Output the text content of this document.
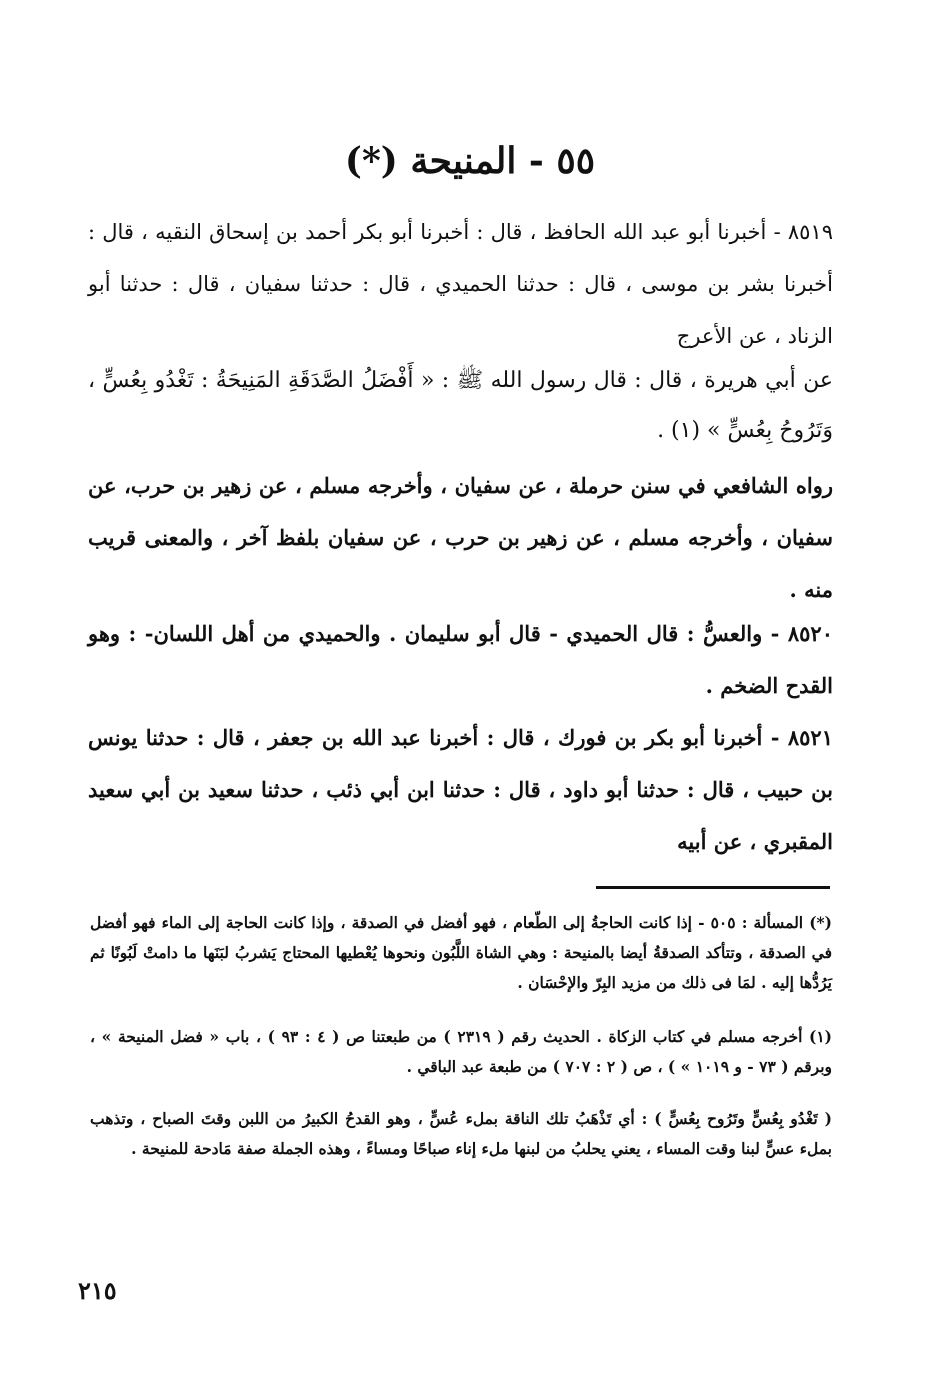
٥٥ - المنيحة (*)
٨٥١٩ - أخبرنا أبو عبد الله الحافظ ، قال : أخبرنا أبو بكر أحمد بن إسحاق النقيه ، قال : أخبرنا بشر بن موسى ، قال : حدثنا الحميدي ، قال : حدثنا سفيان ، قال : حدثنا أبو الزناد ، عن الأعرج
عن أبي هريرة ، قال : قال رسول الله ﷺ : « أَفْضَلُ الصَّدَقَةِ المَنِيحَةُ : تَغْدُو بِعُسٍّ ، وَتَرُوحُ بِعُسٍّ » (١) .
رواه الشافعي في سنن حرملة ، عن سفيان ، وأخرجه مسلم ، عن زهير بن حرب، عن سفيان ، وأخرجه مسلم ، عن زهير بن حرب ، عن سفيان بلفظ آخر ، والمعنى قريب منه .
٨٥٢٠ - والعسُّ : قال الحميدي - قال أبو سليمان . والحميدي من أهل اللسان- : وهو القدح الضخم .
٨٥٢١ - أخبرنا أبو بكر بن فورك ، قال : أخبرنا عبد الله بن جعفر ، قال : حدثنا يونس بن حبيب ، قال : حدثنا أبو داود ، قال : حدثنا ابن أبي ذئب ، حدثنا سعيد بن أبي سعيد المقبري ، عن أبيه
(*) المسألة : ٥٠٥ - إذا كانت الحاجةُ إلى الطّعام ، فهو أفضل في الصدقة ، وإذا كانت الحاجة إلى الماء فهو أفضل في الصدقة ، وتتأكد الصدقةُ أيضا بالمنيحة : وهي الشاة اللَّبُون ونحوها يُعْطيها المحتاج يَشربُ لبَنَها ما دامتْ لَبُونًا ثم يَرُدُّها إليه . لمَا فى ذلك من مزيد البِرّ والإحْسَان .
(١) أخرجه مسلم في كتاب الزكاة . الحديث رقم ( ٢٣١٩ ) من طبعتنا ص ( ٤ : ٩٣ ) ، باب « فضل المنيحة » ، وبرقم ( ٧٣ - و ١٠١٩ » ) ، ص ( ٢ : ٧٠٧ ) من طبعة عبد الباقي .
( تَغْدُو بِعُسٍّ وتَرُوح بِعُسٍّ ) : أي تَذْهَبُ تلك الناقة بملء عُسٍّ ، وهو القدحُ الكبيرُ من اللبن وقتَ الصباح ، وتذهب بملء عسٍّ لبنا وقت المساء ، يعني يحلبُ من لبنها ملء إناء صباحًا ومساءً ، وهذه الجملة صفة مَادحة للمنيحة .
٢١٥
